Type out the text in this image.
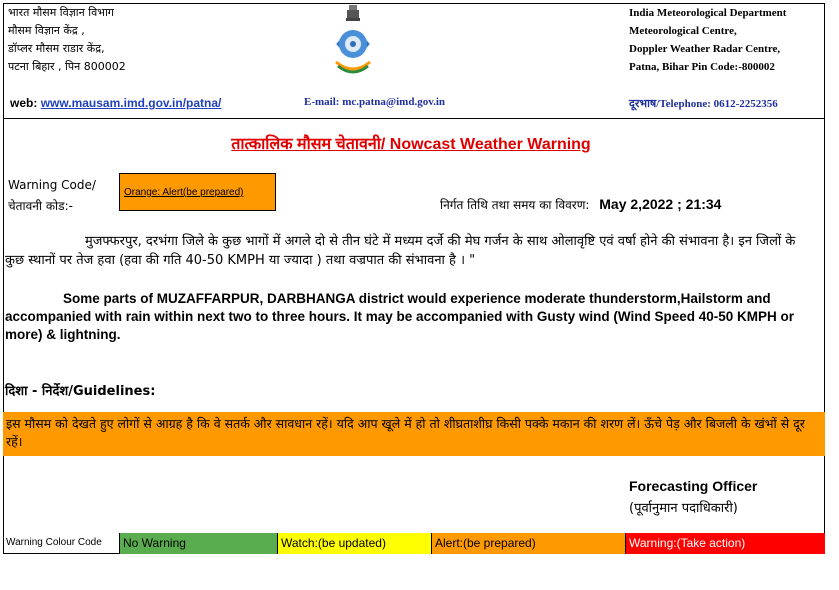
भारत मौसम विज्ञान विभाग
मौसम विज्ञान केंद्र ,
डॉप्लर मौसम राडार केंद्र,
पटना बिहार , पिन 800002
India Meteorological Department
Meteorological Centre,
Doppler Weather Radar Centre,
Patna, Bihar Pin Code:-800002
web: www.mausam.imd.gov.in/patna/	E-mail: mc.patna@imd.gov.in	दूरभाष/Telephone: 0612-2252356
तात्कालिक मौसम चेतावनी/ Nowcast Weather Warning
Warning Code/
चेतावनी कोड:-
Orange: Alert(be prepared)
निर्गत तिथि तथा समय का विवरण: May 2,2022 ; 21:34
मुजफ्फरपुर, दरभंगा जिले के कुछ भागों में अगले दो से तीन घंटे में मध्यम दर्जे की मेघ गर्जन के साथ ओलावृष्टि एवं वर्षा होने की संभावना है। इन जिलों के कुछ स्थानों पर तेज हवा (हवा की गति 40-50 KMPH या ज्यादा ) तथा वज्रपात की संभावना है । "
Some parts of MUZAFFARPUR, DARBHANGA district would experience moderate thunderstorm,Hailstorm and accompanied with rain within next two to three hours. It may be accompanied with Gusty wind (Wind Speed 40-50 KMPH or more) & lightning.
दिशा - निर्देश/Guidelines:
इस मौसम को देखते हुए लोगों से आग्रह है कि वे सतर्क और सावधान रहें। यदि आप खूले में हो तो शीघ्रताशीघ्र किसी पक्के मकान की शरण लें। ऊँचे पेड़ और बिजली के खंभों से दूर रहें।
Forecasting Officer
(पूर्वानुमान पदाधिकारी)
Warning Colour Code	No Warning	Watch:(be updated)	Alert:(be prepared)	Warning:(Take action)
